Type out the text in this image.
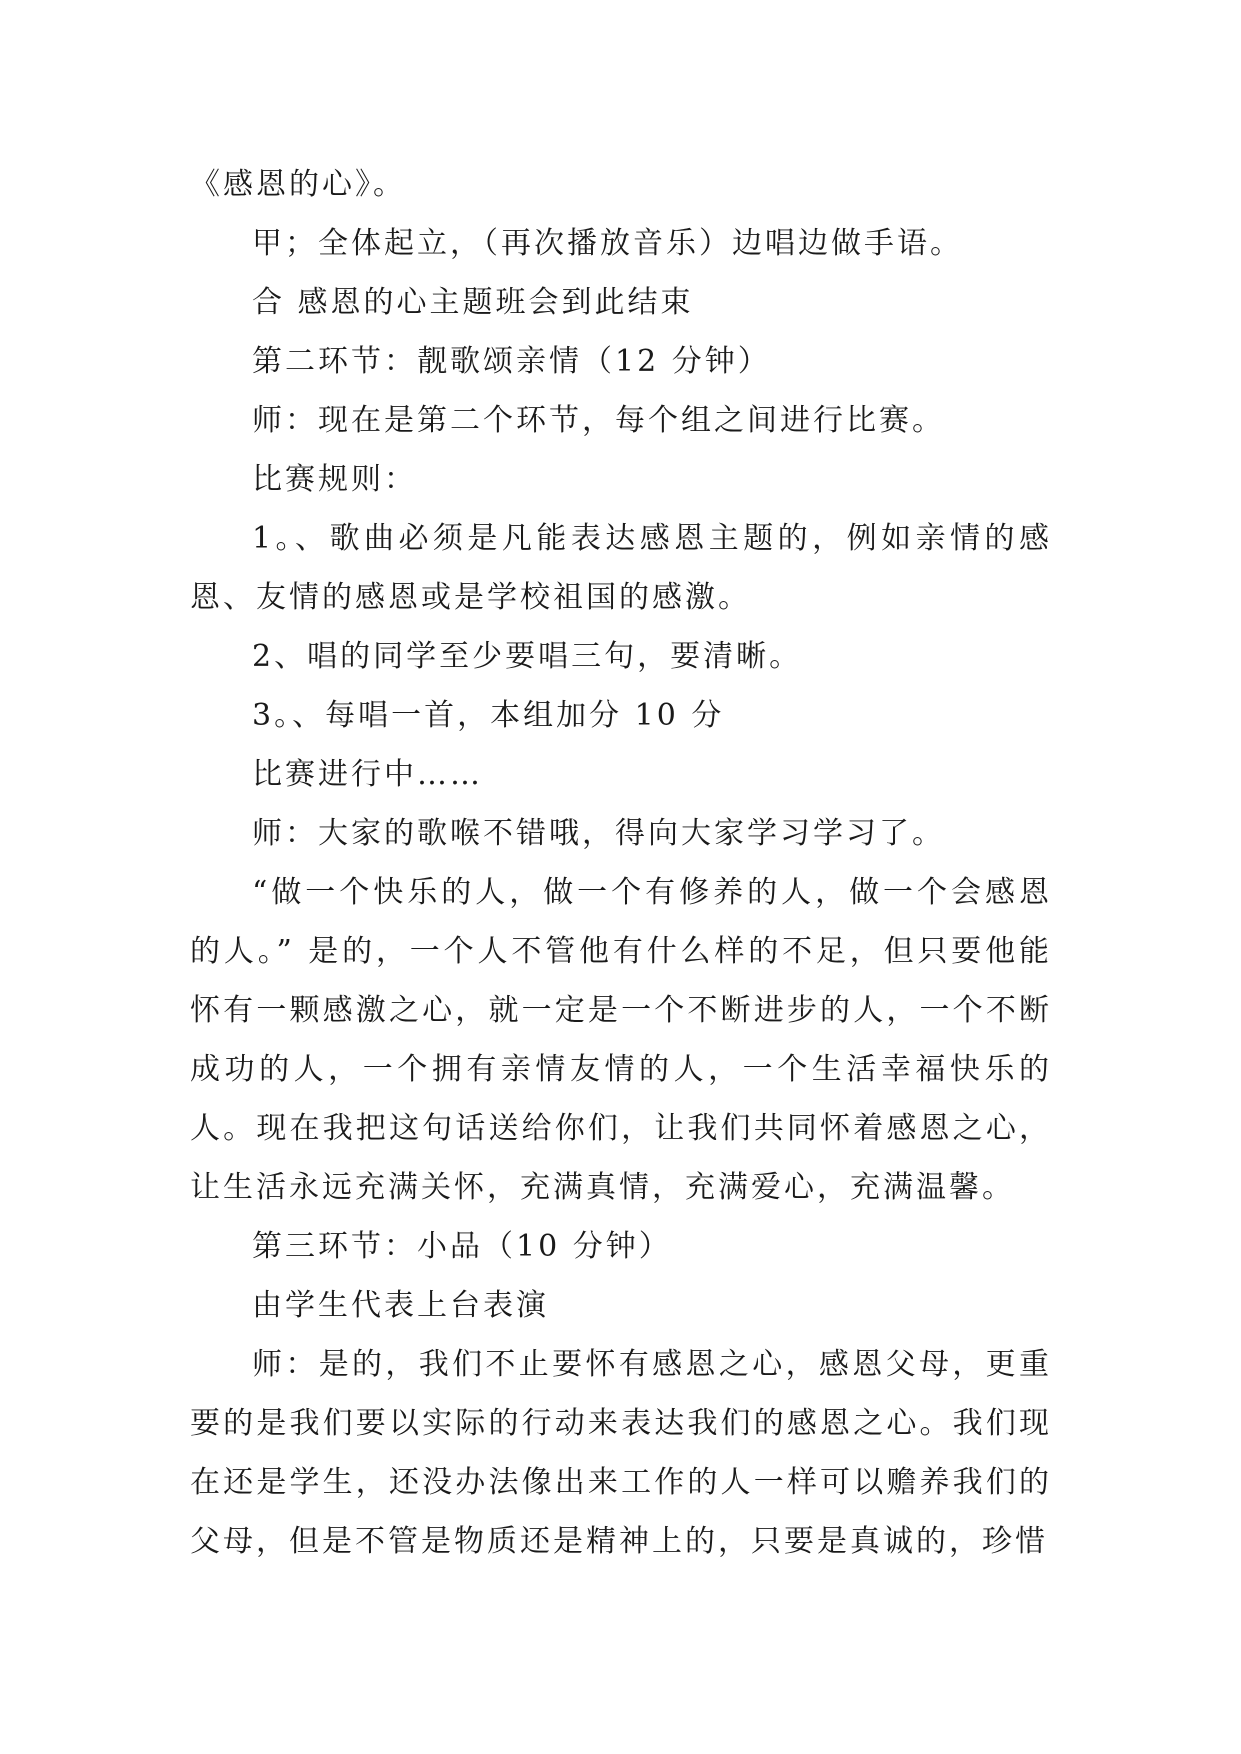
《感恩的心》。

甲；全体起立，（再次播放音乐）边唱边做手语。

合 感恩的心主题班会到此结束

第二环节：靓歌颂亲情（12 分钟）

师：现在是第二个环节，每个组之间进行比赛。

比赛规则：

1。、歌曲必须是凡能表达感恩主题的，例如亲情的感恩、友情的感恩或是学校祖国的感激。

2、唱的同学至少要唱三句，要清晰。

3。、每唱一首，本组加分 10 分

比赛进行中……

师：大家的歌喉不错哦，得向大家学习学习了。

“做一个快乐的人，做一个有修养的人，做一个会感恩的人。” 是的，一个人不管他有什么样的不足，但只要他能怀有一颗感激之心，就一定是一个不断进步的人，一个不断成功的人，一个拥有亲情友情的人，一个生活幸福快乐的人。现在我把这句话送给你们，让我们共同怀着感恩之心，让生活永远充满关怀，充满真情，充满爱心，充满温馨。

第三环节：小品（10 分钟）

由学生代表上台表演

师：是的，我们不止要怀有感恩之心，感恩父母，更重要的是我们要以实际的行动来表达我们的感恩之心。我们现在还是学生，还没办法像出来工作的人一样可以赡养我们的父母，但是不管是物质还是精神上的，只要是真诚的，珍惜
